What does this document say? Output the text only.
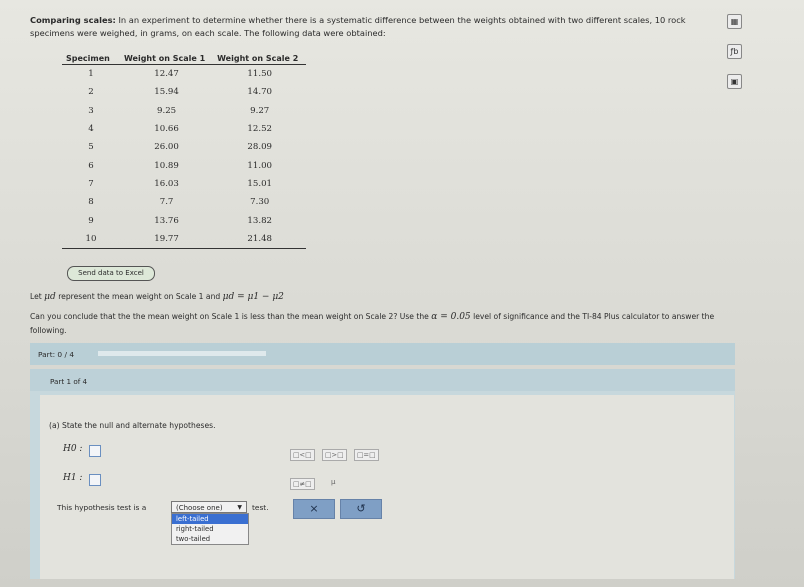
Comparing scales: In an experiment to determine whether there is a systematic difference between the weights obtained with two different scales, 10 rock specimens were weighed, in grams, on each scale. The following data were obtained:
▦
ƒb
▣
Specimen	Weight on Scale 1	Weight on Scale 2
1	12.47	11.50
2	15.94	14.70
3	9.25	9.27
4	10.66	12.52
5	26.00	28.09
6	10.89	11.00
7	16.03	15.01
8	7.7	7.30
9	13.76	13.82
10	19.77	21.48
Send data to Excel
Let μd represent the mean weight on Scale 1 and μd = μ1 − μ2
Can you conclude that the the mean weight on Scale 1 is less than the mean weight on Scale 2? Use the α = 0.05 level of significance and the TI-84 Plus calculator to answer the following.
Part: 0 / 4
Part 1 of 4
(a) State the null and alternate hypotheses.
H0 :
H1 :
□<□	□>□	□=□
□≠□	μ
This hypothesis test is a	(Choose one) ▼ test.
left-tailed
right-tailed
two-tailed
×	↺
